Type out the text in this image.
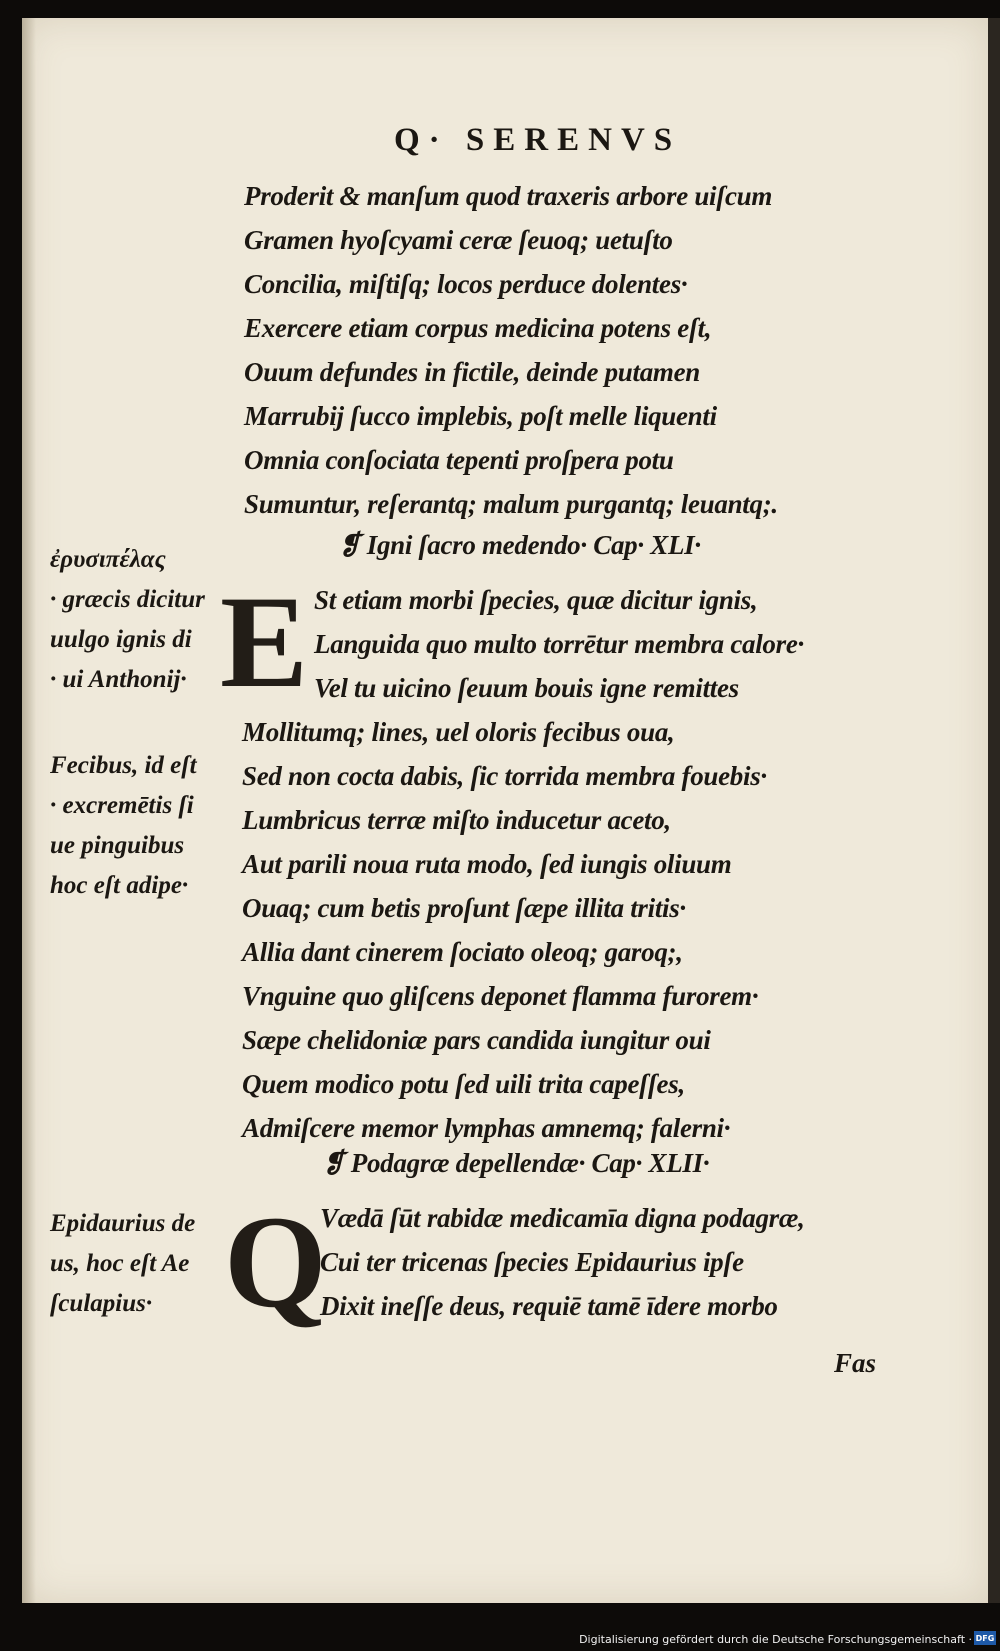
Q· SERENVS
Proderit & manſum quod traxeris arbore uiſcum
Gramen hyoſcyami ceræ ſeuoq; uetuſto
Concilia, miſtiſq; locos perduce dolentes·
Exercere etiam corpus medicina potens eſt,
Ouum defundes in fictile, deinde putamen
Marrubij ſucco implebis, poſt melle liquenti
Omnia conſociata tepenti proſpera potu
Sumuntur, reſerantq; malum purgantq; leuantq;.
❡ Igni ſacro medendo· Cap· XLI·
E St etiam morbi ſpecies, quæ dicitur ignis,
Languida quo multo torrētur membra calore·
Vel tu uicino ſeuum bouis igne remittes
Mollitumq; lines, uel oloris fecibus oua,
Sed non cocta dabis, ſic torrida membra fouebis·
Lumbricus terræ miſto inducetur aceto,
Aut parili noua ruta modo, ſed iungis oliuum
Ouaq; cum betis proſunt ſæpe illita tritis·
Allia dant cinerem ſociato oleoq; garoq;,
Vnguine quo gliſcens deponet flamma furorem·
Sæpe chelidoniæ pars candida iungitur oui
Quem modico potu ſed uili trita capeſſes,
Admiſcere memor lymphas amnemq; falerni·
❡ Podagræ depellendæ· Cap· XLII·
Q
Vædā ſūt rabidæ medicamīa digna podagræ,
Cui ter tricenas ſpecies Epidaurius ipſe
Dixit ineſſe deus, requiē tamē īdere morbo
Fas
ἐρυσιπέλας
· græcis dicitur
uulgo ignis di
· ui Anthonij·
Fecibus, id eſt
· excremētis ſi
ue pinguibus
hoc eſt adipe·
Epidaurius de
us, hoc eſt Ae
ſculapius·
Digitalisierung gefördert durch die Deutsche Forschungsgemeinschaft · DFG
